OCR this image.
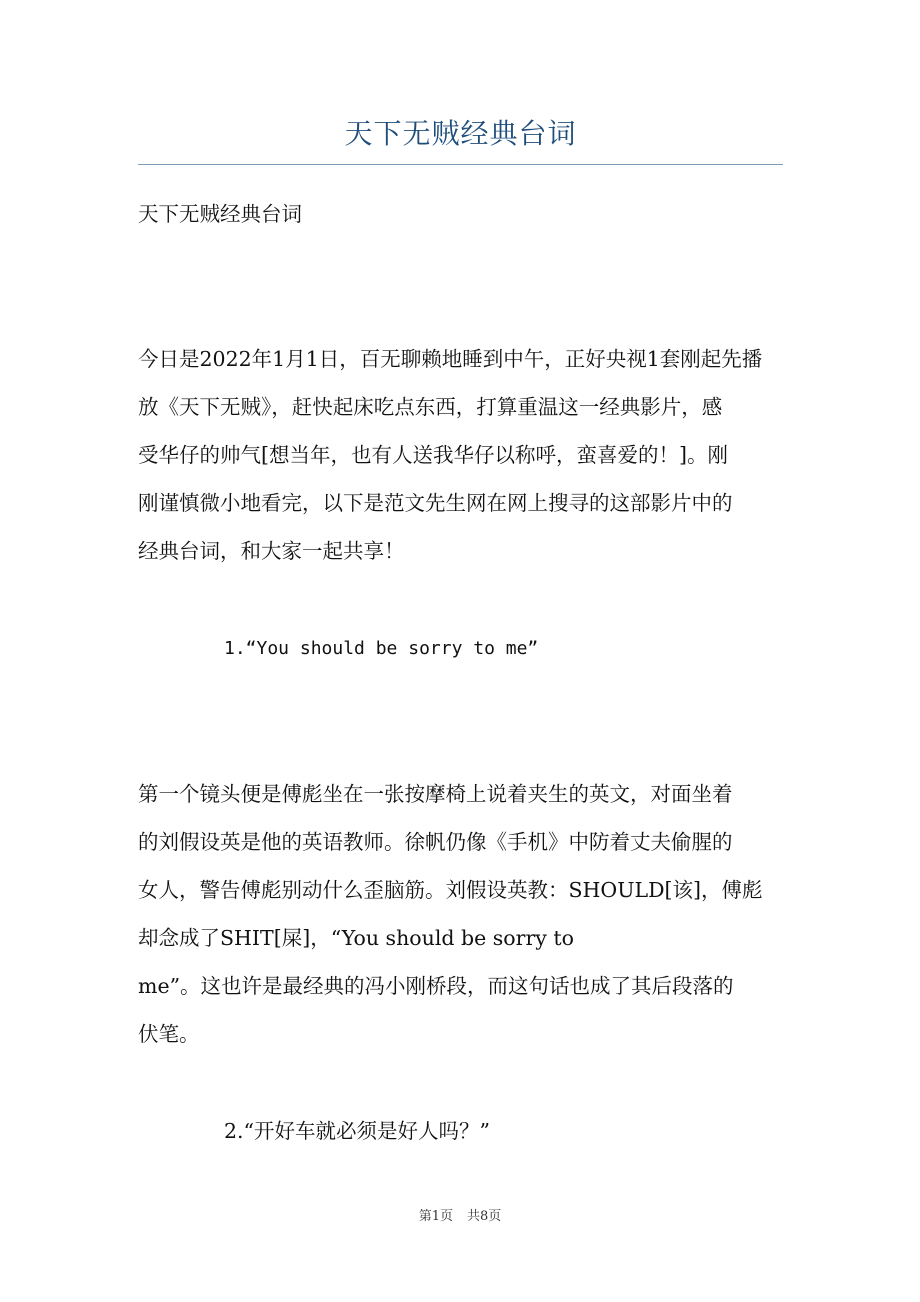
天下无贼经典台词

天下无贼经典台词

今日是2022年1月1日，百无聊赖地睡到中午，正好央视1套刚起先播

放《天下无贼》，赶快起床吃点东西，打算重温这一经典影片，感

受华仔的帅气[想当年，也有人送我华仔以称呼，蛮喜爱的！]。刚

刚谨慎微小地看完，以下是范文先生网在网上搜寻的这部影片中的

经典台词，和大家一起共享！

1.“You should be sorry to me”

第一个镜头便是傅彪坐在一张按摩椅上说着夹生的英文，对面坐着

的刘假设英是他的英语教师。徐帆仍像《手机》中防着丈夫偷腥的

女人，警告傅彪别动什么歪脑筋。刘假设英教：SHOULD[该]，傅彪

却念成了SHIT[屎]，“You should be sorry to

me”。这也许是最经典的冯小刚桥段，而这句话也成了其后段落的

伏笔。

2.“开好车就必须是好人吗？”

第1页 共8页
